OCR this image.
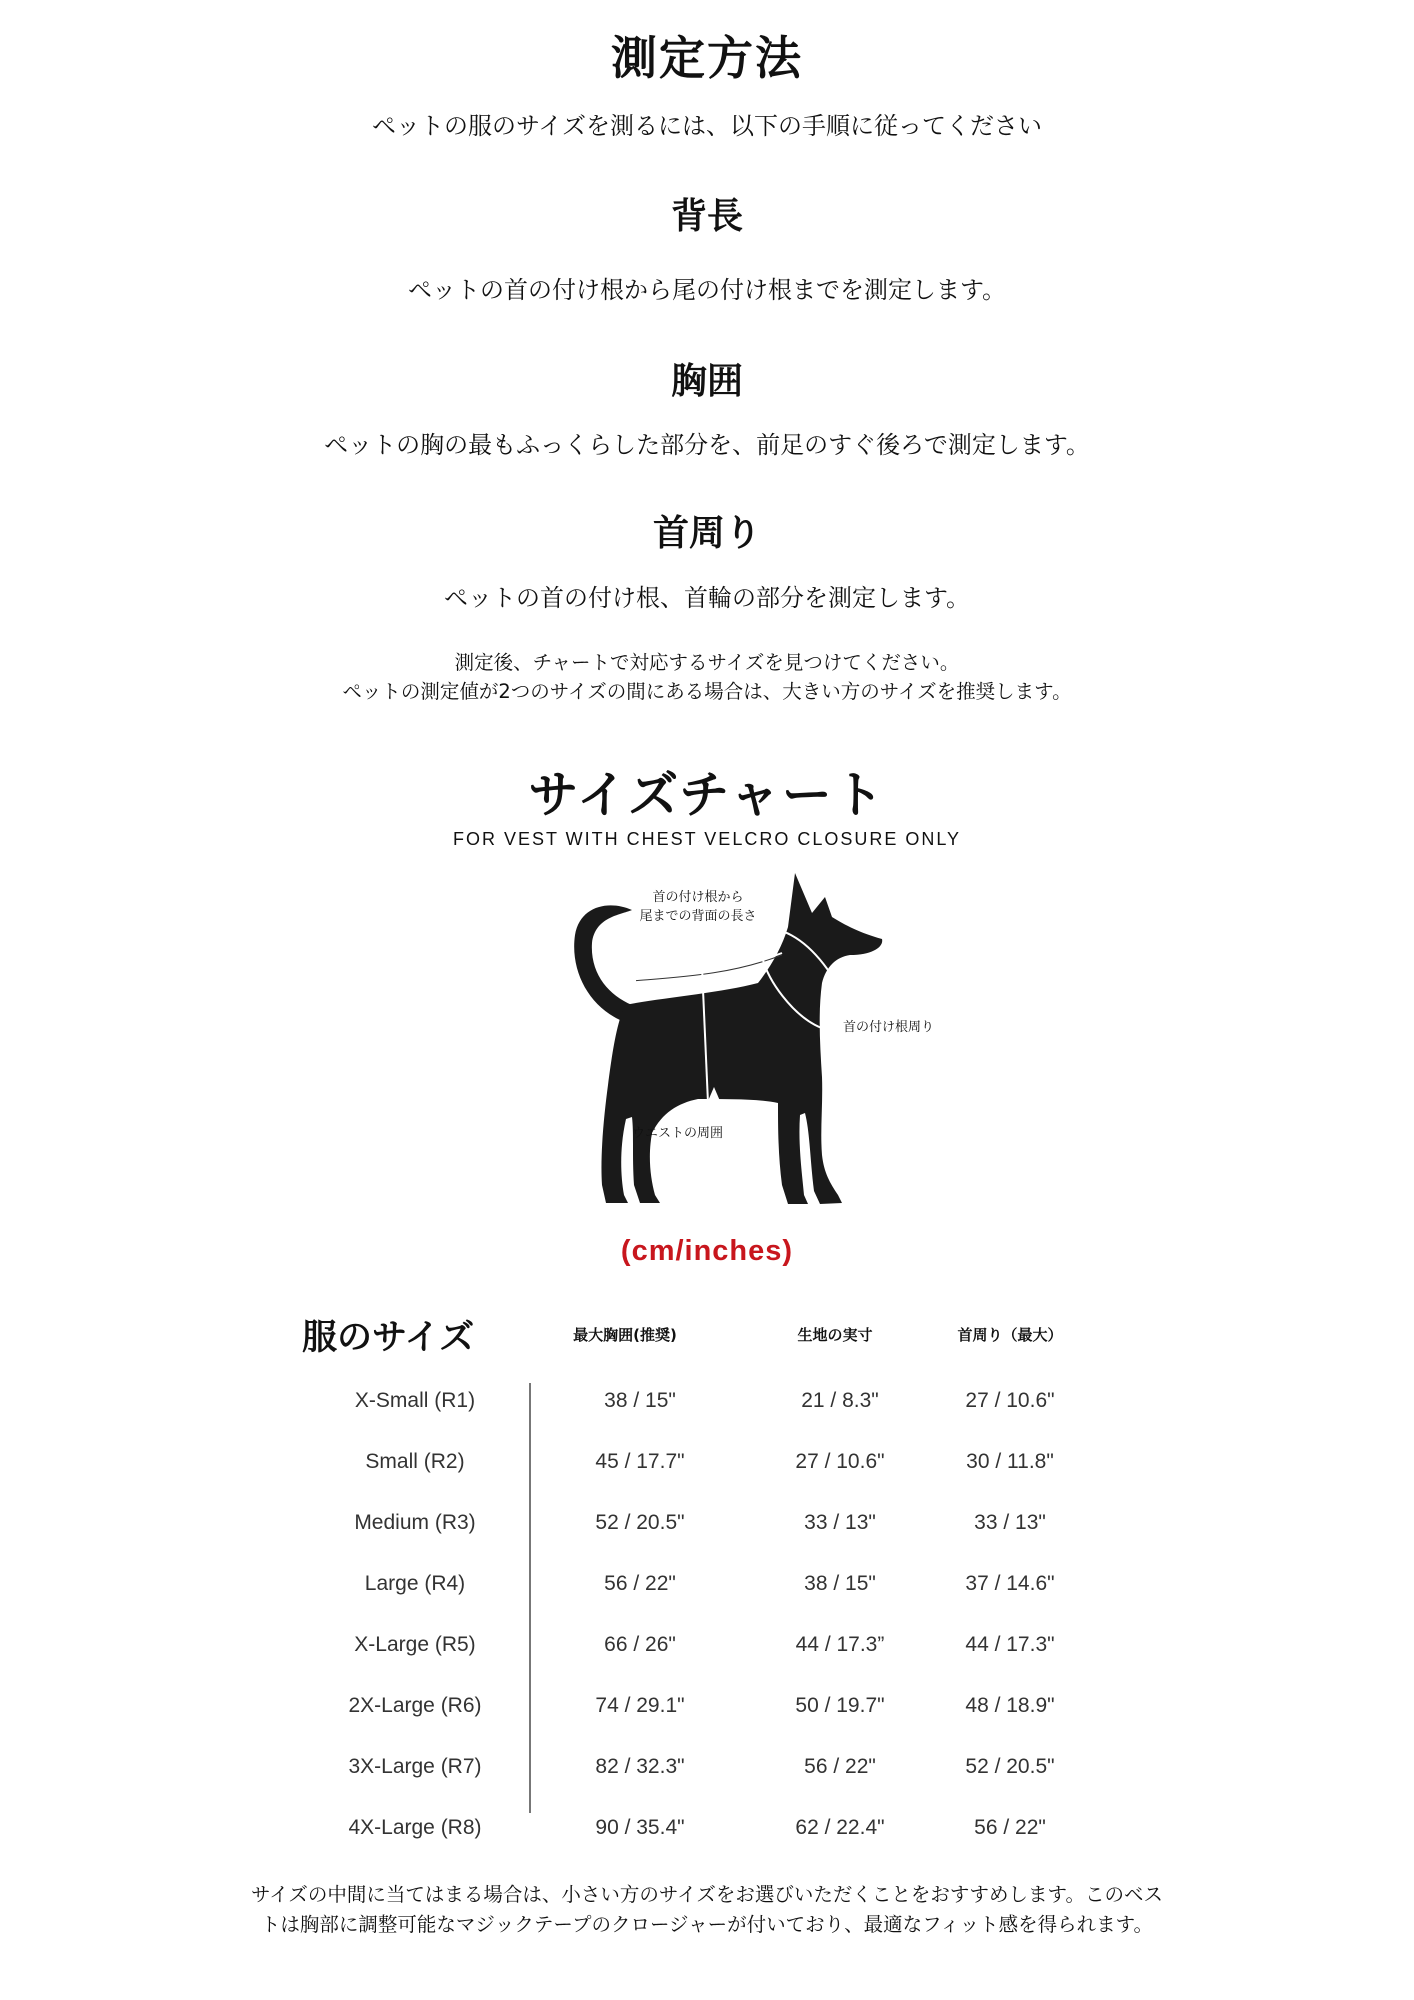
測定方法
ペットの服のサイズを測るには、以下の手順に従ってください
背長
ペットの首の付け根から尾の付け根までを測定します。
胸囲
ペットの胸の最もふっくらした部分を、前足のすぐ後ろで測定します。
首周り
ペットの首の付け根、首輪の部分を測定します。
測定後、チャートで対応するサイズを見つけてください。
ペットの測定値が2つのサイズの間にある場合は、大きい方のサイズを推奨します。
サイズチャート
FOR VEST WITH CHEST VELCRO CLOSURE ONLY
首の付け根から
尾までの背面の長さ
首の付け根周り
ウエストの周囲
(cm/inches)
服のサイズ	最大胸囲(推奨)	生地の実寸	首周り（最大）
X-Small (R1)	38 / 15"	21 / 8.3"	27 / 10.6"
Small (R2)	45 / 17.7"	27 / 10.6"	30 / 11.8"
Medium (R3)	52 / 20.5"	33 / 13"	33 / 13"
Large (R4)	56 / 22"	38 / 15"	37 / 14.6"
X-Large (R5)	66 / 26"	44 / 17.3”	44 / 17.3"
2X-Large (R6)	74 / 29.1"	50 / 19.7"	48 / 18.9"
3X-Large (R7)	82 / 32.3"	56 / 22"	52 / 20.5"
4X-Large (R8)	90 / 35.4"	62 / 22.4"	56 / 22"
サイズの中間に当てはまる場合は、小さい方のサイズをお選びいただくことをおすすめします。このベス
トは胸部に調整可能なマジックテープのクロージャーが付いており、最適なフィット感を得られます。
